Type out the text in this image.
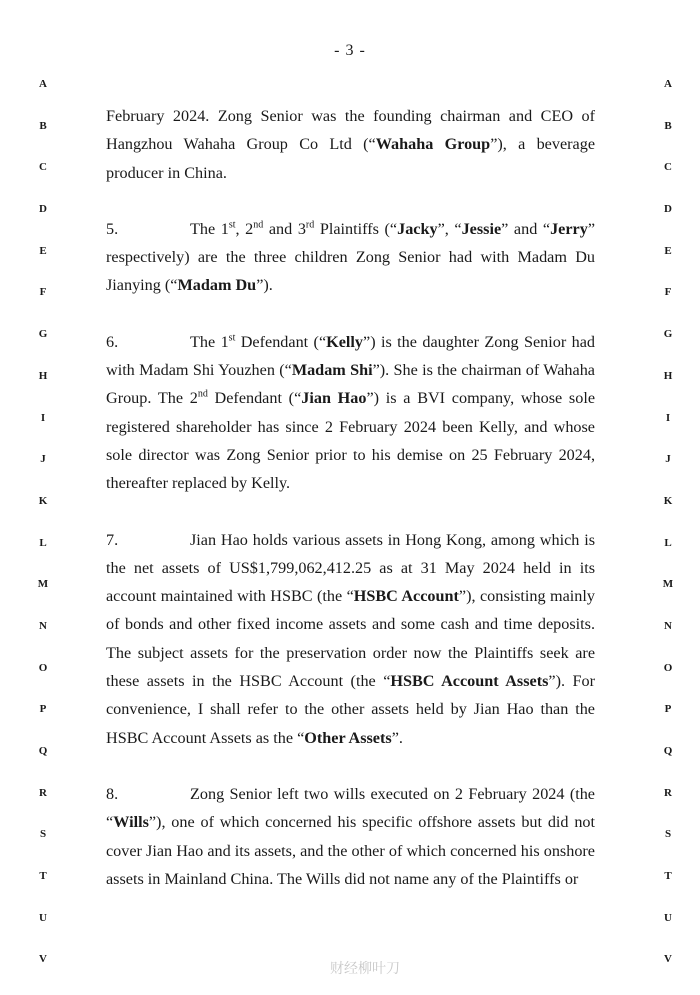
- 3 -
A
B
C
D
E
F
G
H
I
J
K
L
M
N
O
P
Q
R
S
T
U
V
A
B
C
D
E
F
G
H
I
J
K
L
M
N
O
P
Q
R
S
T
U
V

February 2024. Zong Senior was the founding chairman and CEO of Hangzhou Wahaha Group Co Ltd (“Wahaha Group”), a beverage producer in China.

5.	The 1st, 2nd and 3rd Plaintiffs (“Jacky”, “Jessie” and “Jerry” respectively) are the three children Zong Senior had with Madam Du Jianying (“Madam Du”).

6.	The 1st Defendant (“Kelly”) is the daughter Zong Senior had with Madam Shi Youzhen (“Madam Shi”). She is the chairman of Wahaha Group. The 2nd Defendant (“Jian Hao”) is a BVI company, whose sole registered shareholder has since 2 February 2024 been Kelly, and whose sole director was Zong Senior prior to his demise on 25 February 2024, thereafter replaced by Kelly.

7.	Jian Hao holds various assets in Hong Kong, among which is the net assets of US$1,799,062,412.25 as at 31 May 2024 held in its account maintained with HSBC (the “HSBC Account”), consisting mainly of bonds and other fixed income assets and some cash and time deposits. The subject assets for the preservation order now the Plaintiffs seek are these assets in the HSBC Account (the “HSBC Account Assets”). For convenience, I shall refer to the other assets held by Jian Hao than the HSBC Account Assets as the “Other Assets”.

8.	Zong Senior left two wills executed on 2 February 2024 (the “Wills”), one of which concerned his specific offshore assets but did not cover Jian Hao and its assets, and the other of which concerned his onshore assets in Mainland China. The Wills did not name any of the Plaintiffs or

财经柳叶刀
